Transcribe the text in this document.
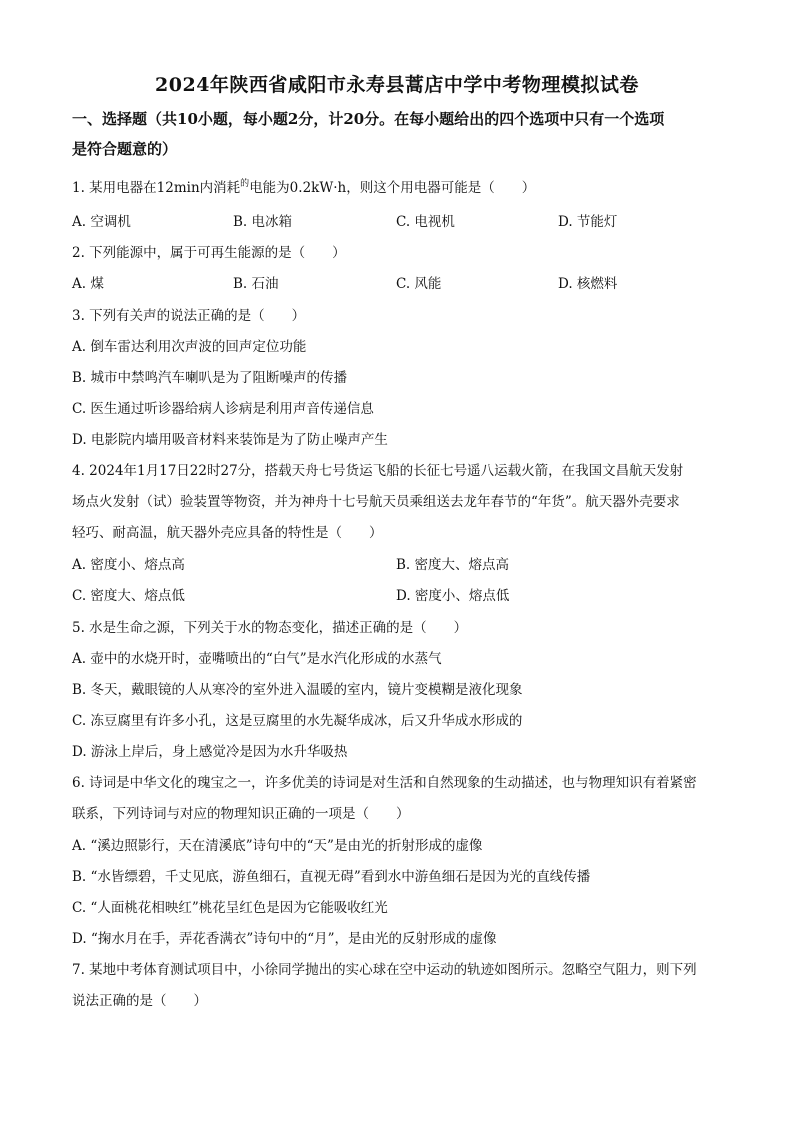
2024年陕西省咸阳市永寿县蒿店中学中考物理模拟试卷
一、选择题（共10小题，每小题2分，计20分。在每小题给出的四个选项中只有一个选项
是符合题意的）
1. 某用电器在12min内消耗$^的$电能为0.2kW·h，则这个用电器可能是（　　）
A. 空调机	B. 电冰箱	C. 电视机	D. 节能灯
2. 下列能源中，属于可再生能源的是（　　）
A. 煤	B. 石油	C. 风能	D. 核燃料
3. 下列有关声的说法正确的是（　　）
A. 倒车雷达利用次声波的回声定位功能
B. 城市中禁鸣汽车喇叭是为了阻断噪声的传播
C. 医生通过听诊器给病人诊病是利用声音传递信息
D. 电影院内墙用吸音材料来装饰是为了防止噪声产生
4. 2024年1月17日22时27分，搭载天舟七号货运飞船的长征七号遥八运载火箭，在我国文昌航天发射
场点火发射（试）验装置等物资，并为神舟十七号航天员乘组送去龙年春节的“年货”。航天器外壳要求
轻巧、耐高温，航天器外壳应具备的特性是（　　）
A. 密度小、熔点高	B. 密度大、熔点高
C. 密度大、熔点低	D. 密度小、熔点低
5. 水是生命之源，下列关于水的物态变化，描述正确的是（　　）
A. 壶中的水烧开时，壶嘴喷出的“白气”是水汽化形成的水蒸气
B. 冬天，戴眼镜的人从寒冷的室外进入温暖的室内，镜片变模糊是液化现象
C. 冻豆腐里有许多小孔，这是豆腐里的水先凝华成冰，后又升华成水形成的
D. 游泳上岸后，身上感觉冷是因为水升华吸热
6. 诗词是中华文化的瑰宝之一，许多优美的诗词是对生活和自然现象的生动描述，也与物理知识有着紧密
联系，下列诗词与对应的物理知识正确的一项是（　　）
A. “溪边照影行，天在清溪底”诗句中的“天”是由光的折射形成的虚像
B. “水皆缥碧，千丈见底，游鱼细石，直视无碍”看到水中游鱼细石是因为光的直线传播
C. “人面桃花相映红”桃花呈红色是因为它能吸收红光
D. “掬水月在手，弄花香满衣”诗句中的“月”，是由光的反射形成的虚像
7. 某地中考体育测试项目中，小徐同学抛出的实心球在空中运动的轨迹如图所示。忽略空气阻力，则下列
说法正确的是（　　）
